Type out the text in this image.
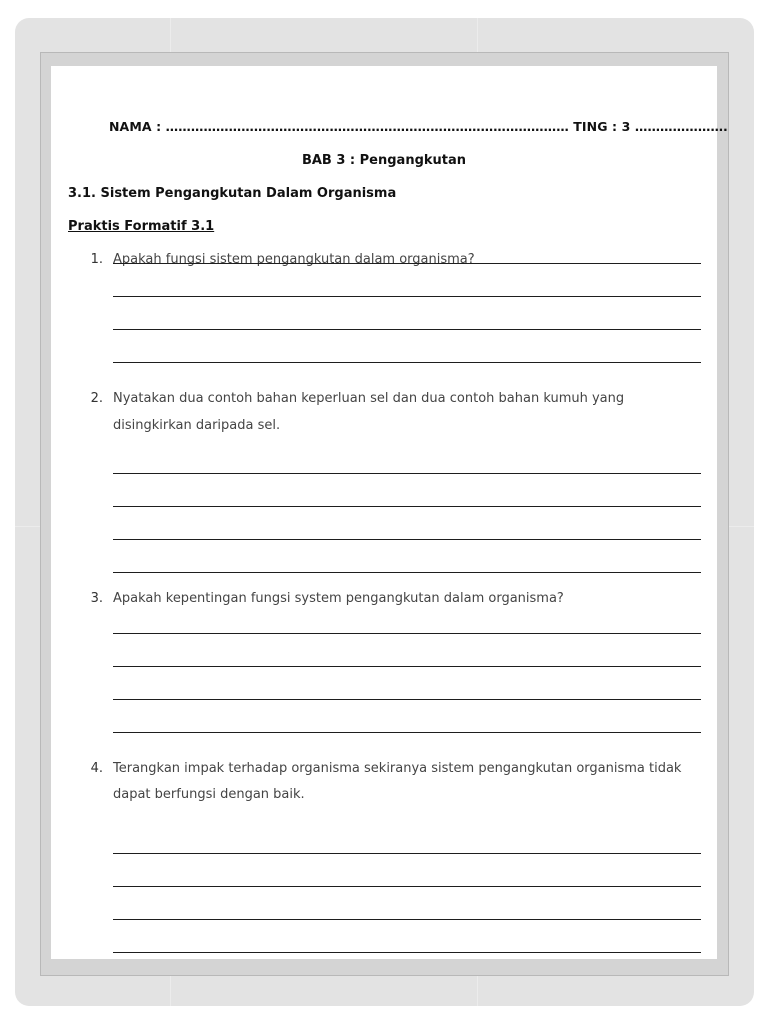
NAMA : …………………………………………………………………………………… TING : 3 ………………….
BAB 3 : Pengangkutan
3.1. Sistem Pengangkutan Dalam Organisma
Praktis Formatif 3.1
1. Apakah fungsi sistem pengangkutan dalam organisma?
2. Nyatakan dua contoh bahan keperluan sel dan dua contoh bahan kumuh yang
disingkirkan daripada sel.
3. Apakah kepentingan fungsi system pengangkutan dalam organisma?
4. Terangkan impak terhadap organisma sekiranya sistem pengangkutan organisma tidak
dapat berfungsi dengan baik.
